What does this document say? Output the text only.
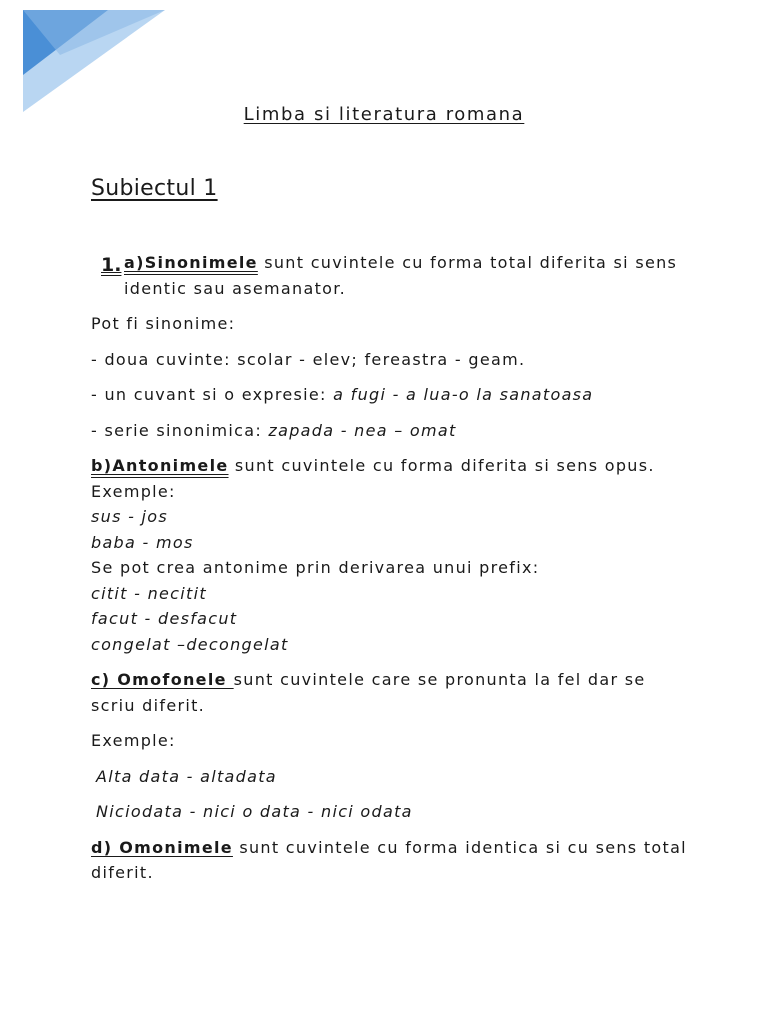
Limba si literatura romana
Subiectul 1
1. a)Sinonimele sunt cuvintele cu forma total diferita si sens identic sau asemanator.

Pot fi sinonime:

- doua cuvinte: scolar - elev; fereastra - geam.

- un cuvant si o expresie: a fugi - a lua-o la sanatoasa

- serie sinonimica: zapada - nea – omat

b)Antonimele sunt cuvintele cu forma diferita si sens opus.
Exemple:
sus - jos
baba - mos
Se pot crea antonime prin derivarea unui prefix:
citit - necitit
facut - desfacut
congelat –decongelat

c) Omofonele sunt cuvintele care se pronunta la fel dar se scriu diferit.

Exemple:

Alta data - altadata

Niciodata - nici o data - nici odata

d) Omonimele sunt cuvintele cu forma identica si cu sens total diferit.
